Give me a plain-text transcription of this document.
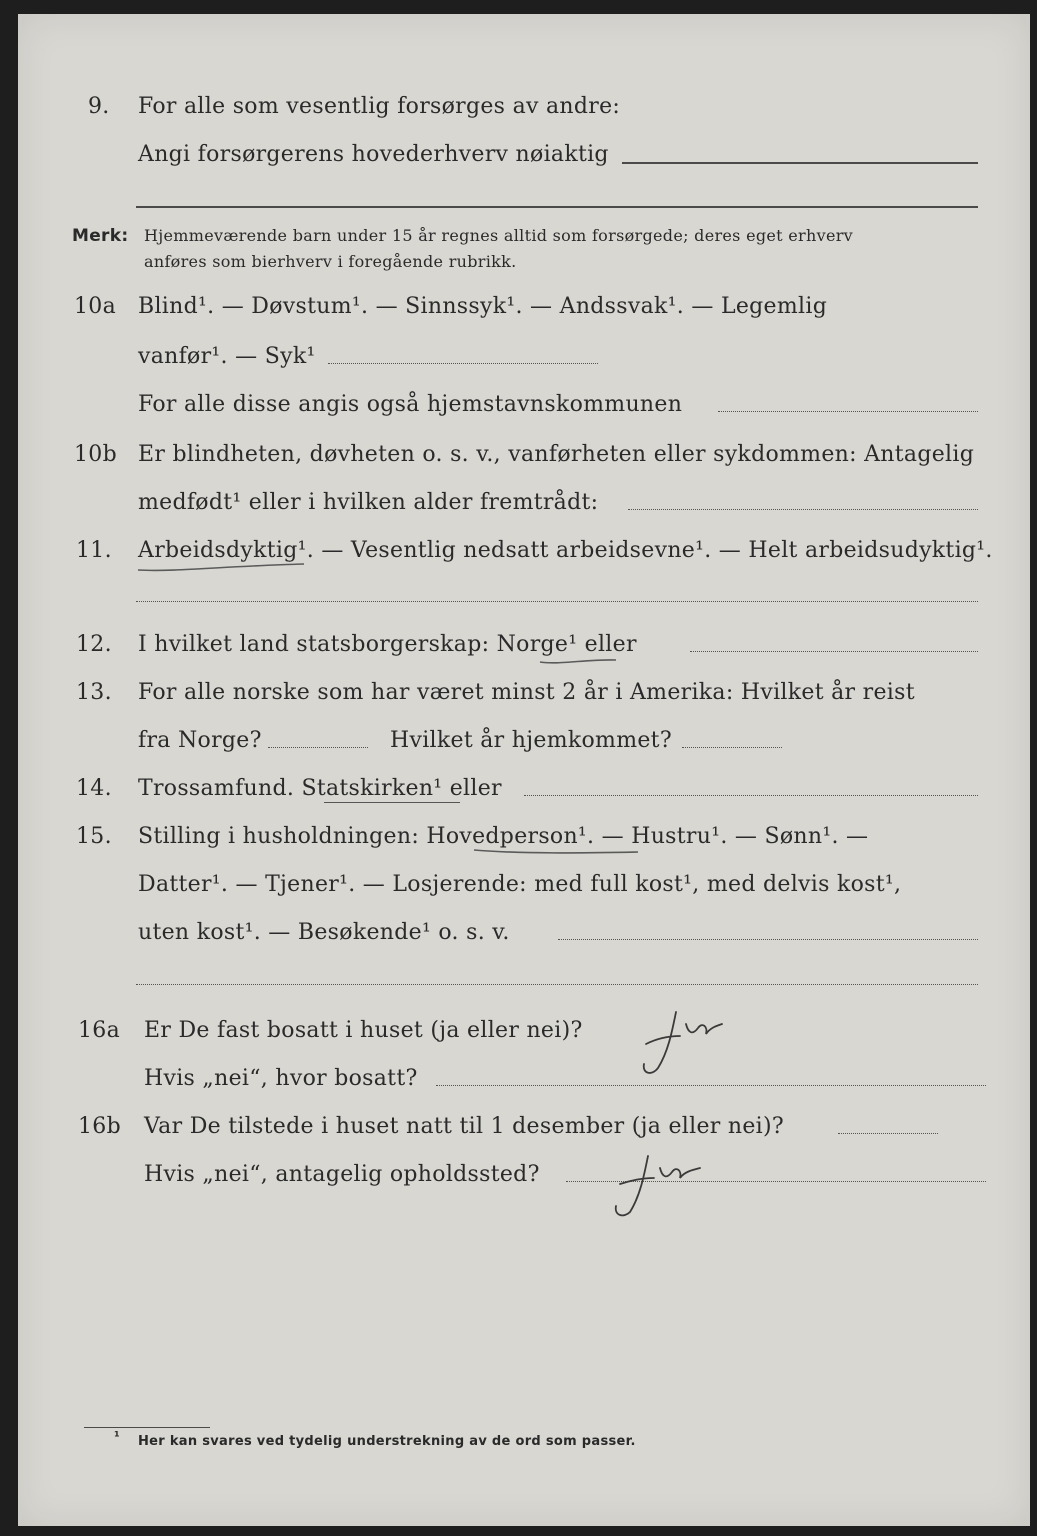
9. For alle som vesentlig forsørges av andre:
Angi forsørgerens hovederhverv nøiaktig
Merk: Hjemmeværende barn under 15 år regnes alltid som forsørgede; deres eget erhverv
anføres som bierhverv i foregående rubrikk.
10a Blind¹. — Døvstum¹. — Sinnssyk¹. — Andssvak¹. — Legemlig
vanfør¹. — Syk¹
For alle disse angis også hjemstavnskommunen
10b Er blindheten, døvheten o. s. v., vanførheten eller sykdommen: Antagelig
medfødt¹ eller i hvilken alder fremtrådt:
11. Arbeidsdyktig¹. — Vesentlig nedsatt arbeidsevne¹. — Helt arbeidsudyktig¹.
12. I hvilket land statsborgerskap: Norge¹ eller
13. For alle norske som har været minst 2 år i Amerika: Hvilket år reist
fra Norge?	Hvilket år hjemkommet?
14. Trossamfund. Statskirken¹ eller
15. Stilling i husholdningen: Hovedperson¹. — Hustru¹. — Sønn¹. —
Datter¹. — Tjener¹. — Losjerende: med full kost¹, med delvis kost¹,
uten kost¹. — Besøkende¹ o. s. v.
16a Er De fast bosatt i huset (ja eller nei)?
Hvis „nei“, hvor bosatt?
16b Var De tilstede i huset natt til 1 desember (ja eller nei)?
Hvis „nei“, antagelig opholdssted?
¹ Her kan svares ved tydelig understrekning av de ord som passer.
